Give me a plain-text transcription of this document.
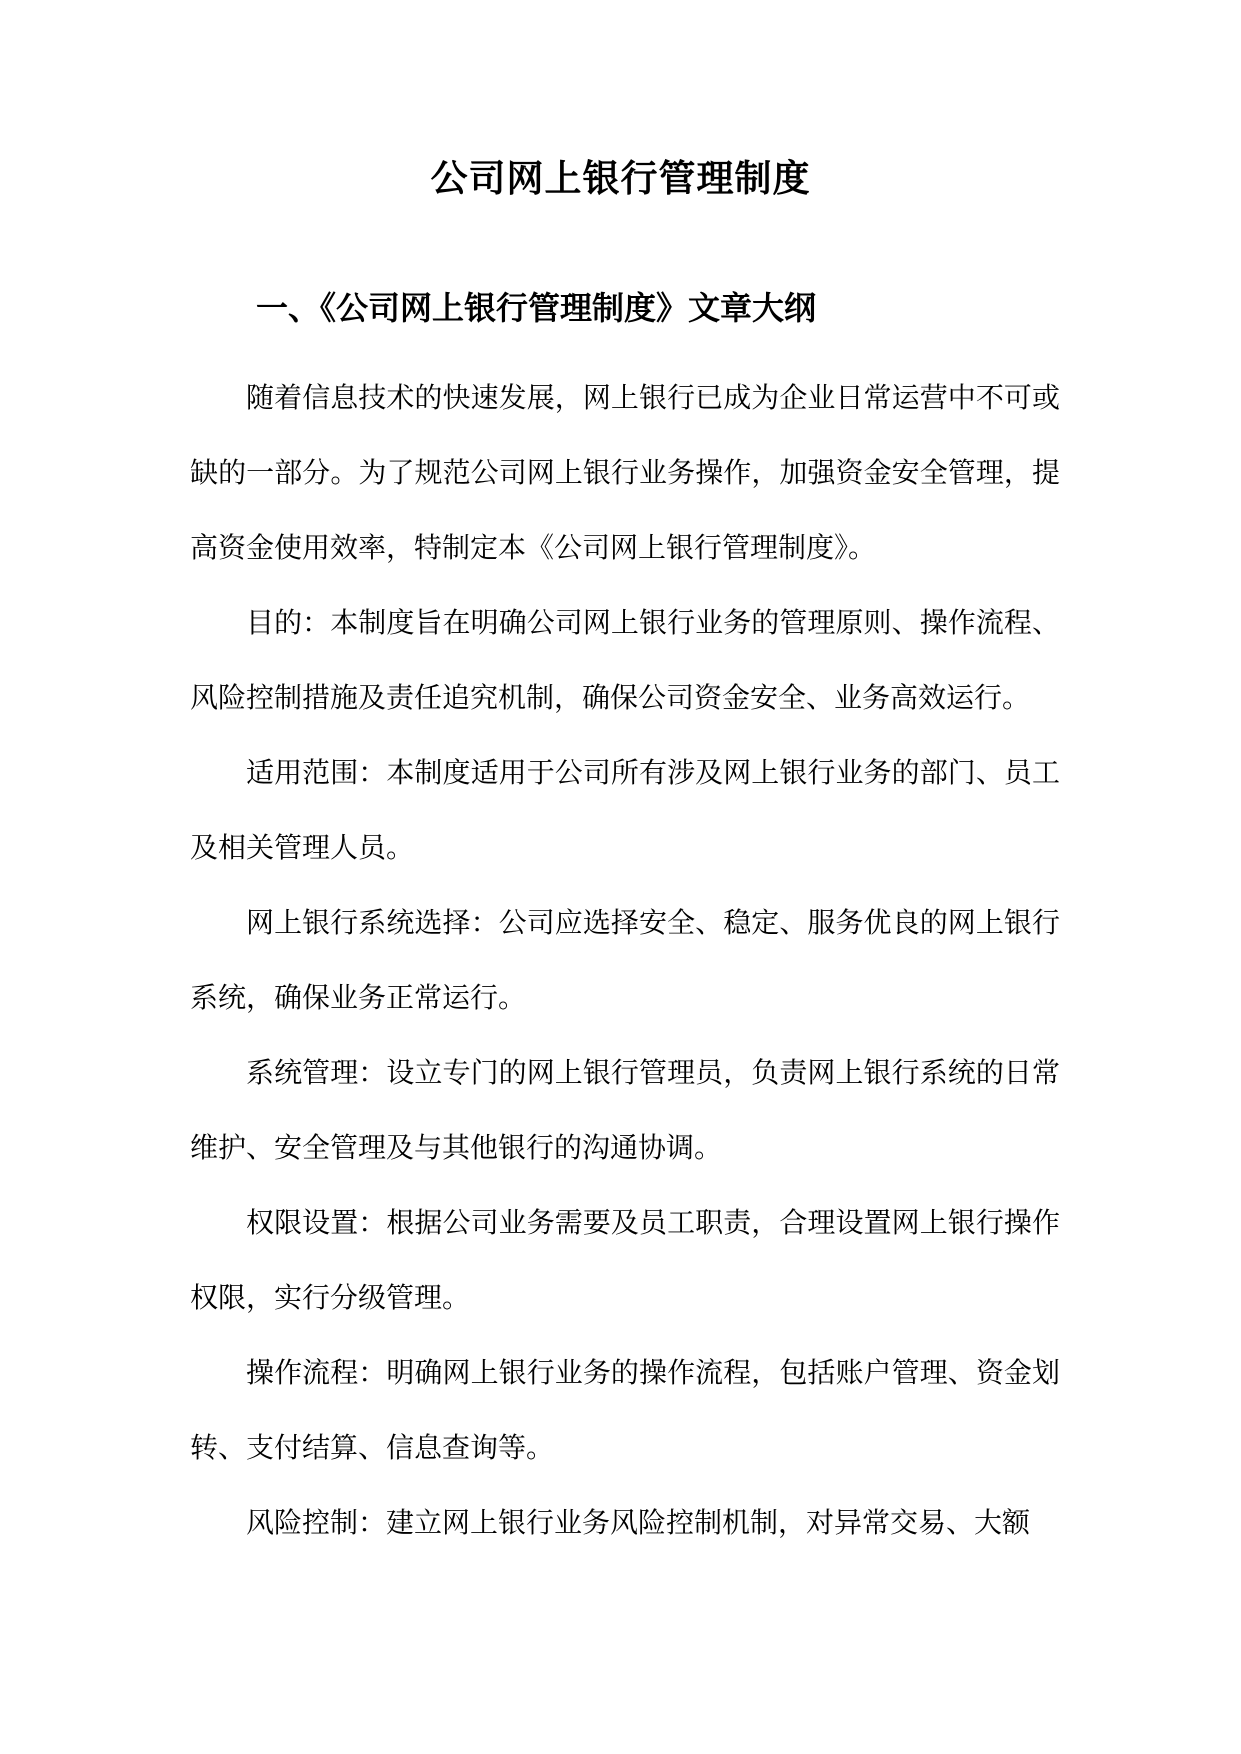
公司网上银行管理制度
一、《公司网上银行管理制度》文章大纲

随着信息技术的快速发展，网上银行已成为企业日常运营中不可或缺的一部分。为了规范公司网上银行业务操作，加强资金安全管理，提高资金使用效率，特制定本《公司网上银行管理制度》。

目的：本制度旨在明确公司网上银行业务的管理原则、操作流程、风险控制措施及责任追究机制，确保公司资金安全、业务高效运行。

适用范围：本制度适用于公司所有涉及网上银行业务的部门、员工及相关管理人员。

网上银行系统选择：公司应选择安全、稳定、服务优良的网上银行系统，确保业务正常运行。

系统管理：设立专门的网上银行管理员，负责网上银行系统的日常维护、安全管理及与其他银行的沟通协调。

权限设置：根据公司业务需要及员工职责，合理设置网上银行操作权限，实行分级管理。

操作流程：明确网上银行业务的操作流程，包括账户管理、资金划转、支付结算、信息查询等。

风险控制：建立网上银行业务风险控制机制，对异常交易、大额
